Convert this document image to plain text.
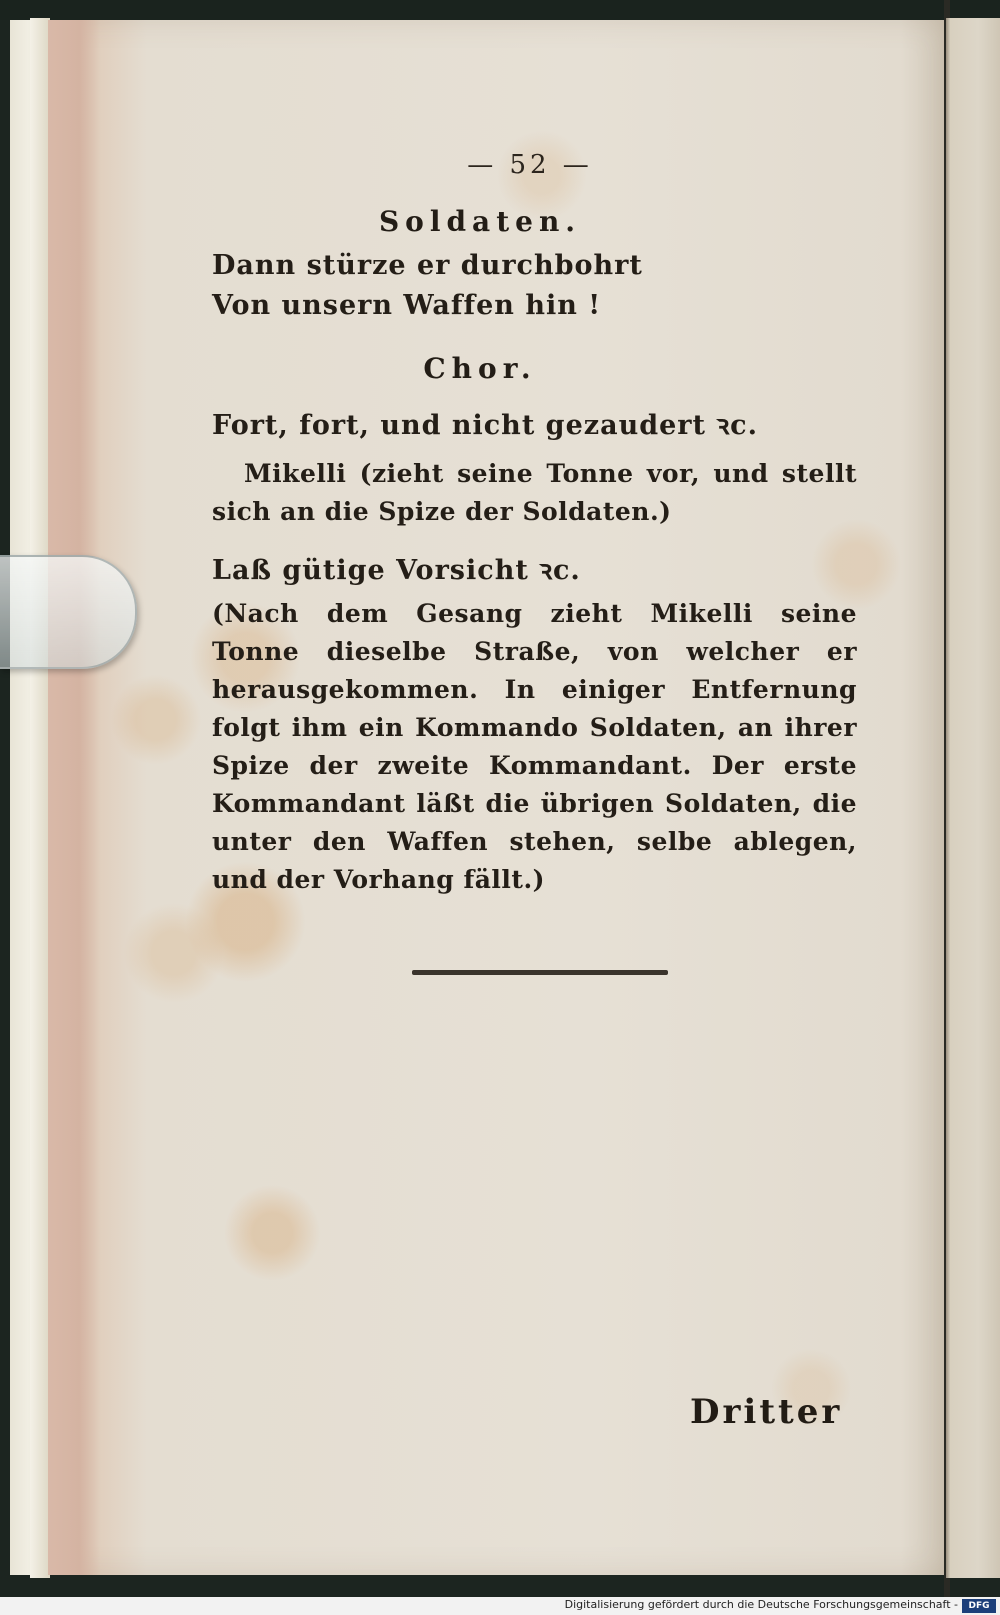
— 52 —
Soldaten.
Dann stürze er durchbohrt
Von unsern Waffen hin !
Chor.
Fort, fort, und nicht gezaudert ꝛc.
Mikelli (zieht seine Tonne vor, und stellt sich an die Spize der Soldaten.)
Laß gütige Vorsicht ꝛc.
(Nach dem Gesang zieht Mikelli seine Tonne dieselbe Straße, von welcher er herausgekommen. In einiger Entfernung folgt ihm ein Kommando Soldaten, an ihrer Spize der zweite Kommandant. Der erste Kommandant läßt die übrigen Soldaten, die unter den Waffen stehen, selbe ablegen, und der Vorhang fällt.)
Dritter
Digitalisierung gefördert durch die Deutsche Forschungsgemeinschaft -	DFG
